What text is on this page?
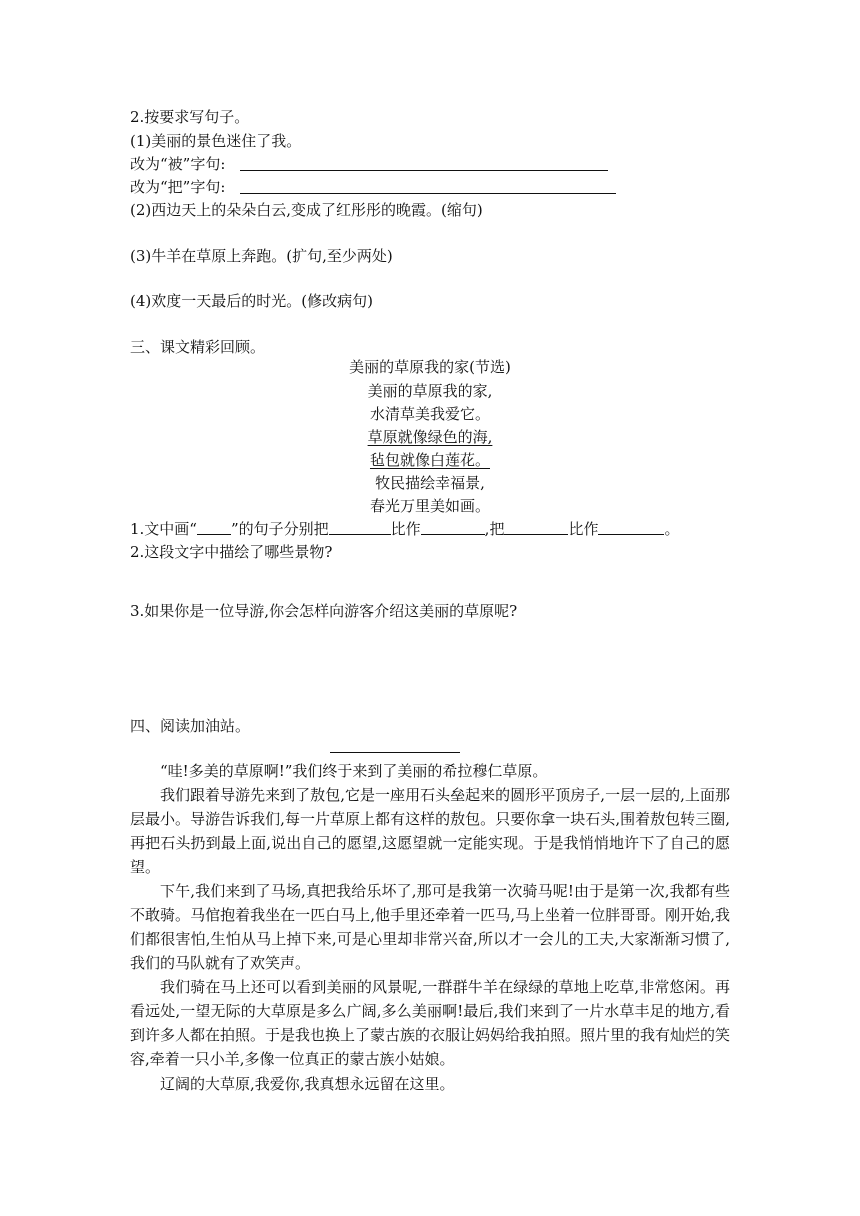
2.按要求写句子。
(1)美丽的景色迷住了我。
改为“被”字句:
改为“把”字句:
(2)西边天上的朵朵白云,变成了红彤彤的晚霞。(缩句)
(3)牛羊在草原上奔跑。(扩句,至少两处)
(4)欢度一天最后的时光。(修改病句)
三、课文精彩回顾。
美丽的草原我的家(节选)
美丽的草原我的家,
水清草美我爱它。
草原就像绿色的海,
毡包就像白莲花。
牧民描绘幸福景,
春光万里美如画。
1.文中画“ ”的句子分别把	比作	,把	比作	。
2.这段文字中描绘了哪些景物?
3.如果你是一位导游,你会怎样向游客介绍这美丽的草原呢?
四、阅读加油站。
“哇!多美的草原啊!”我们终于来到了美丽的希拉穆仁草原。
我们跟着导游先来到了敖包,它是一座用石头垒起来的圆形平顶房子,一层一层的,上面那层最小。导游告诉我们,每一片草原上都有这样的敖包。只要你拿一块石头,围着敖包转三圈,再把石头扔到最上面,说出自己的愿望,这愿望就一定能实现。于是我悄悄地许下了自己的愿望。
下午,我们来到了马场,真把我给乐坏了,那可是我第一次骑马呢!由于是第一次,我都有些不敢骑。马倌抱着我坐在一匹白马上,他手里还牵着一匹马,马上坐着一位胖哥哥。刚开始,我们都很害怕,生怕从马上掉下来,可是心里却非常兴奋,所以才一会儿的工夫,大家渐渐习惯了,我们的马队就有了欢笑声。
我们骑在马上还可以看到美丽的风景呢,一群群牛羊在绿绿的草地上吃草,非常悠闲。再看远处,一望无际的大草原是多么广阔,多么美丽啊!最后,我们来到了一片水草丰足的地方,看到许多人都在拍照。于是我也换上了蒙古族的衣服让妈妈给我拍照。照片里的我有灿烂的笑容,牵着一只小羊,多像一位真正的蒙古族小姑娘。
辽阔的大草原,我爱你,我真想永远留在这里。
